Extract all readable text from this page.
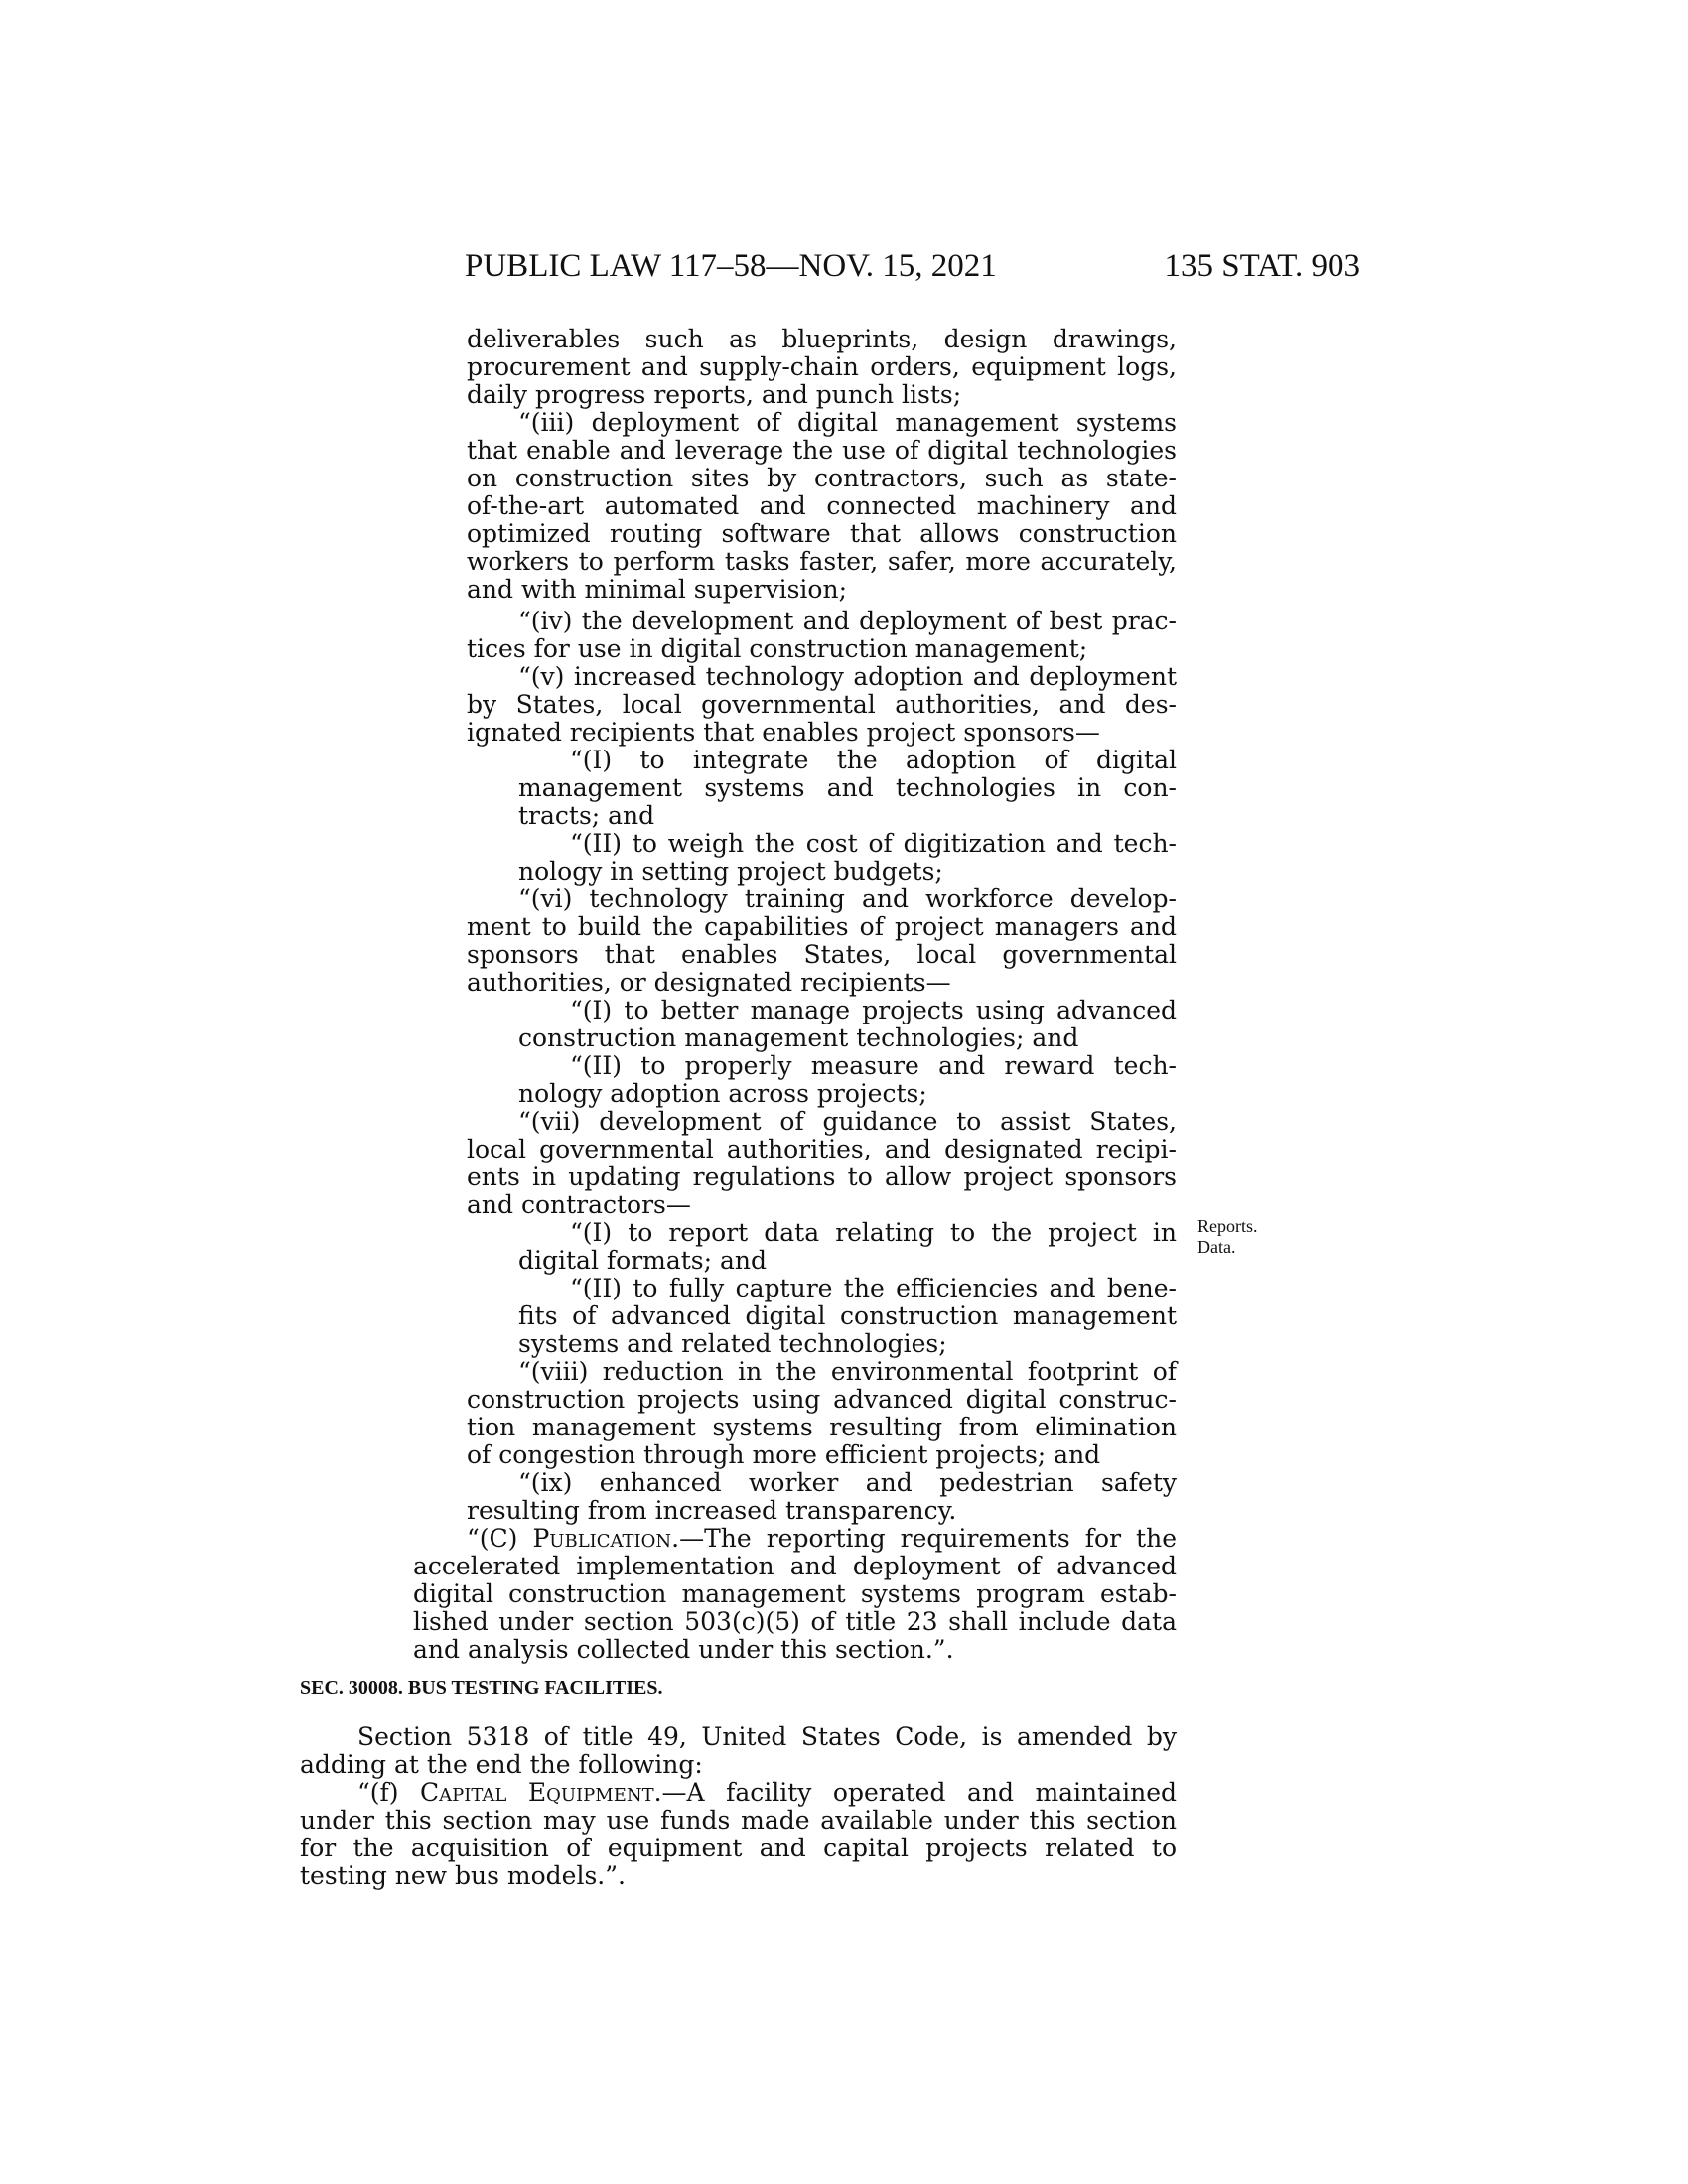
PUBLIC LAW 117–58—NOV. 15, 2021	135 STAT. 903
deliverables such as blueprints, design drawings,
procurement and supply-chain orders, equipment logs,
daily progress reports, and punch lists;
“(iii) deployment of digital management systems
that enable and leverage the use of digital technologies
on construction sites by contractors, such as state-
of-the-art automated and connected machinery and
optimized routing software that allows construction
workers to perform tasks faster, safer, more accurately,
and with minimal supervision;
“(iv) the development and deployment of best prac-
tices for use in digital construction management;
“(v) increased technology adoption and deployment
by States, local governmental authorities, and des-
ignated recipients that enables project sponsors—
“(I) to integrate the adoption of digital
management systems and technologies in con-
tracts; and
“(II) to weigh the cost of digitization and tech-
nology in setting project budgets;
“(vi) technology training and workforce develop-
ment to build the capabilities of project managers and
sponsors that enables States, local governmental
authorities, or designated recipients—
“(I) to better manage projects using advanced
construction management technologies; and
“(II) to properly measure and reward tech-
nology adoption across projects;
“(vii) development of guidance to assist States,
local governmental authorities, and designated recipi-
ents in updating regulations to allow project sponsors
and contractors—
“(I) to report data relating to the project in
digital formats; and
“(II) to fully capture the efficiencies and bene-
fits of advanced digital construction management
systems and related technologies;
“(viii) reduction in the environmental footprint of
construction projects using advanced digital construc-
tion management systems resulting from elimination
of congestion through more efficient projects; and
“(ix) enhanced worker and pedestrian safety
resulting from increased transparency.
“(C) Publication.—The reporting requirements for the
accelerated implementation and deployment of advanced
digital construction management systems program estab-
lished under section 503(c)(5) of title 23 shall include data
and analysis collected under this section.”.
Section 5318 of title 49, United States Code, is amended by
adding at the end the following:
“(f) Capital Equipment.—A facility operated and maintained
under this section may use funds made available under this section
for the acquisition of equipment and capital projects related to
testing new bus models.”.
SEC. 30008. BUS TESTING FACILITIES.
Reports.
Data.
